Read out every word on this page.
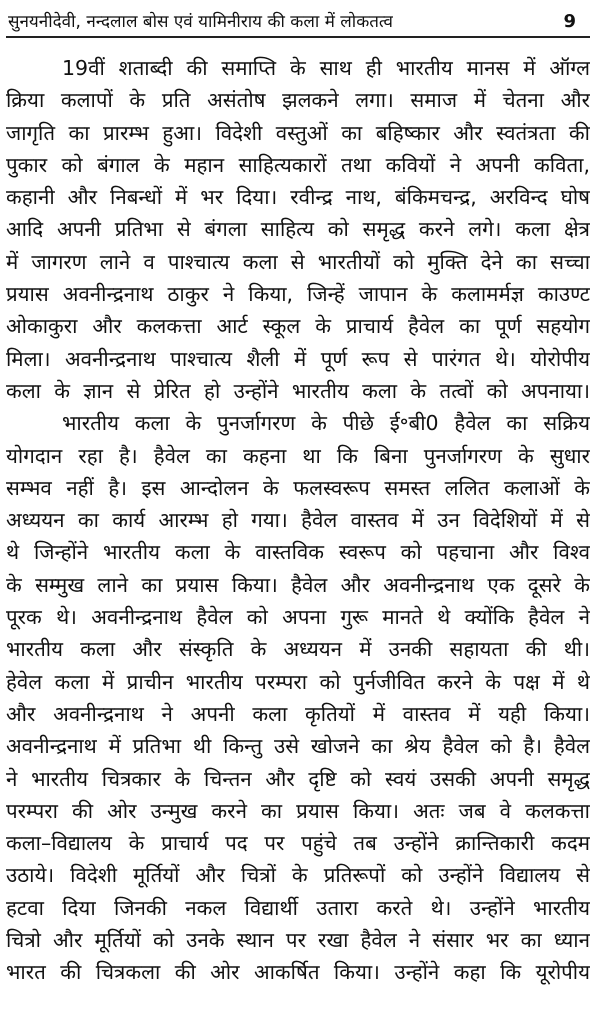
सुनयनीदेवी, नन्दलाल बोस एवं यामिनीराय की कला में लोकतत्व	9
19वीं शताब्दी की समाप्ति के साथ ही भारतीय मानस में ऑग्ल
क्रिया कलापों के प्रति असंतोष झलकने लगा। समाज में चेतना और
जागृति का प्रारम्भ हुआ। विदेशी वस्तुओं का बहिष्कार और स्वतंत्रता की
पुकार को बंगाल के महान साहित्यकारों तथा कवियों ने अपनी कविता,
कहानी और निबन्धों में भर दिया। रवीन्द्र नाथ, बंकिमचन्द्र, अरविन्द घोष
आदि अपनी प्रतिभा से बंगला साहित्य को समृद्ध करने लगे। कला क्षेत्र
में जागरण लाने व पाश्चात्य कला से भारतीयों को मुक्ति देने का सच्चा
प्रयास अवनीन्द्रनाथ ठाकुर ने किया, जिन्हें जापान के कलामर्मज्ञ काउण्ट
ओकाकुरा और कलकत्ता आर्ट स्कूल के प्राचार्य हैवेल का पूर्ण सहयोग
मिला। अवनीन्द्रनाथ पाश्चात्य शैली में पूर्ण रूप से पारंगत थे। योरोपीय
कला के ज्ञान से प्रेरित हो उन्होंने भारतीय कला के तत्वों को अपनाया।
भारतीय कला के पुनर्जागरण के पीछे ई॰बी0 हैवेल का सक्रिय
योगदान रहा है। हैवेल का कहना था कि बिना पुनर्जागरण के सुधार
सम्भव नहीं है। इस आन्दोलन के फलस्वरूप समस्त ललित कलाओं के
अध्ययन का कार्य आरम्भ हो गया। हैवेल वास्तव में उन विदेशियों में से
थे जिन्होंने भारतीय कला के वास्तविक स्वरूप को पहचाना और विश्व
के सम्मुख लाने का प्रयास किया। हैवेल और अवनीन्द्रनाथ एक दूसरे के
पूरक थे। अवनीन्द्रनाथ हैवेल को अपना गुरू मानते थे क्योंकि हैवेल ने
भारतीय कला और संस्कृति के अध्ययन में उनकी सहायता की थी।
हेवेल कला में प्राचीन भारतीय परम्परा को पुर्नजीवित करने के पक्ष में थे
और अवनीन्द्रनाथ ने अपनी कला कृतियों में वास्तव में यही किया।
अवनीन्द्रनाथ में प्रतिभा थी किन्तु उसे खोजने का श्रेय हैवेल को है। हैवेल
ने भारतीय चित्रकार के चिन्तन और दृष्टि को स्वयं उसकी अपनी समृद्ध
परम्परा की ओर उन्मुख करने का प्रयास किया। अतः जब वे कलकत्ता
कला–विद्यालय के प्राचार्य पद पर पहुंचे तब उन्होंने क्रान्तिकारी कदम
उठाये। विदेशी मूर्तियों और चित्रों के प्रतिरूपों को उन्होंने विद्यालय से
हटवा दिया जिनकी नकल विद्यार्थी उतारा करते थे। उन्होंने भारतीय
चित्रो और मूर्तियों को उनके स्थान पर रखा हैवेल ने संसार भर का ध्यान
भारत की चित्रकला की ओर आकर्षित किया। उन्होंने कहा कि यूरोपीय
